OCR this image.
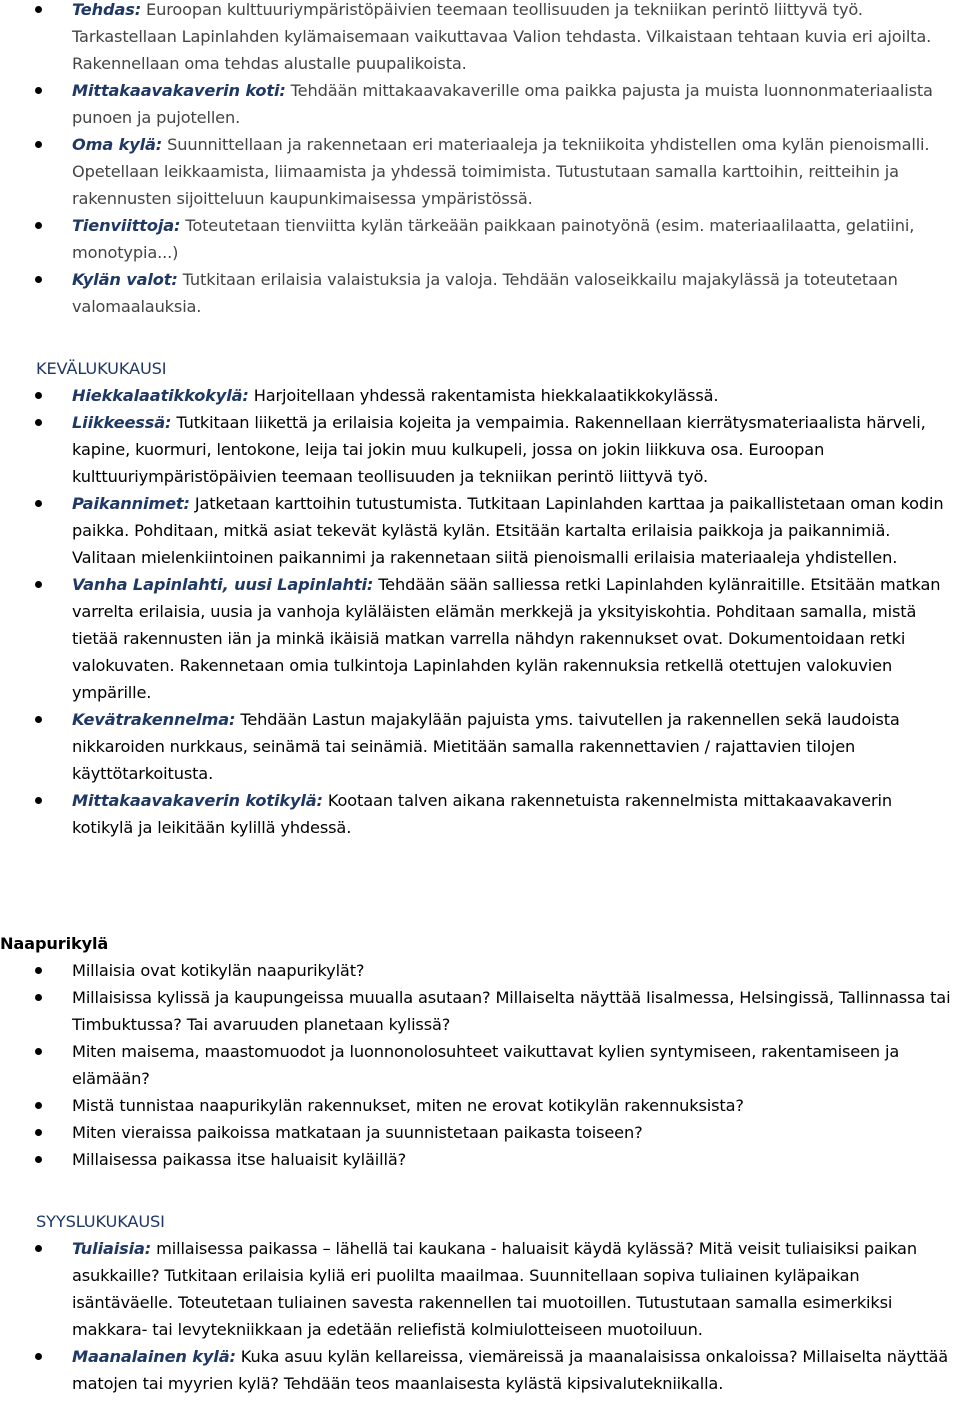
Tehdas: Euroopan kulttuuriympäristöpäivien teemaan teollisuuden ja tekniikan perintö liittyvä työ. Tarkastellaan Lapinlahden kylämaisemaan vaikuttavaa Valion tehdasta. Vilkaistaan tehtaan kuvia eri ajoilta. Rakennellaan oma tehdas alustalle puupalikoista.
Mittakaavakaverin koti: Tehdään mittakaavakaverille oma paikka pajusta ja muista luonnonmateriaalista punoen ja pujotellen.
Oma kylä: Suunnittellaan ja rakennetaan eri materiaaleja ja tekniikoita yhdistellen oma kylän pienoismalli. Opetellaan leikkaamista, liimaamista ja yhdessä toimimista. Tutustutaan samalla karttoihin, reitteihin ja rakennusten sijoitteluun kaupunkimaisessa ympäristössä.
Tienviittoja: Toteutetaan tienviitta kylän tärkeään paikkaan painotyönä (esim. materiaalilaatta, gelatiini, monotypia...)
Kylän valot: Tutkitaan erilaisia valaistuksia ja valoja. Tehdään valoseikkailu majakylässä ja toteutetaan valomaalauksia.
KEVÄLUKUKAUSI
Hiekkalaatikkokylä: Harjoitellaan yhdessä rakentamista hiekkalaatikkokylässä.
Liikkeessä: Tutkitaan liikettä ja erilaisia kojeita ja vempaimia. Rakennellaan kierrätysmateriaalista härveli, kapine, kuormuri, lentokone, leija tai jokin muu kulkupeli, jossa on jokin liikkuva osa. Euroopan kulttuuriympäristöpäivien teemaan teollisuuden ja tekniikan perintö liittyvä työ.
Paikannimet: Jatketaan karttoihin tutustumista. Tutkitaan Lapinlahden karttaa ja paikallistetaan oman kodin paikka. Pohditaan, mitkä asiat tekevät kylästä kylän. Etsitään kartalta erilaisia paikkoja ja paikannimiä. Valitaan mielenkiintoinen paikannimi ja rakennetaan siitä pienoismalli erilaisia materiaaleja yhdistellen.
Vanha Lapinlahti, uusi Lapinlahti: Tehdään sään salliessa retki Lapinlahden kylänraitille. Etsitään matkan varrelta erilaisia, uusia ja vanhoja kyläläisten elämän merkkejä ja yksityiskohtia. Pohditaan samalla, mistä tietää rakennusten iän ja minkä ikäisiä matkan varrella nähdyn rakennukset ovat. Dokumentoidaan retki valokuvaten. Rakennetaan omia tulkintoja Lapinlahden kylän rakennuksia retkellä otettujen valokuvien ympärille.
Kevätrakennelma: Tehdään Lastun majakylään pajuista yms. taivutellen ja rakennellen sekä laudoista nikkaroiden nurkkaus, seinämä tai seinämiä. Mietitään samalla rakennettavien / rajattavien tilojen käyttötarkoitusta.
Mittakaavakaverin kotikylä: Kootaan talven aikana rakennetuista rakennelmista mittakaavakaverin kotikylä ja leikitään kylillä yhdessä.
Naapurikylä
Millaisia ovat kotikylän naapurikylät?
Millaisissa kylissä ja kaupungeissa muualla asutaan? Millaiselta näyttää Iisalmessa, Helsingissä, Tallinnassa tai Timbuktussa? Tai avaruuden planetaan kylissä?
Miten maisema, maastomuodot ja luonnonolosuhteet vaikuttavat kylien syntymiseen, rakentamiseen ja elämään?
Mistä tunnistaa naapurikylän rakennukset, miten ne erovat kotikylän rakennuksista?
Miten vieraissa paikoissa matkataan ja suunnistetaan paikasta toiseen?
Millaisessa paikassa itse haluaisit kyläillä?
SYYSLUKUKAUSI
Tuliaisia: millaisessa paikassa – lähellä tai kaukana - haluaisit käydä kylässä? Mitä veisit tuliaisiksi paikan asukkaille? Tutkitaan erilaisia kyliä eri puolilta maailmaa. Suunnitellaan sopiva tuliainen kyläpaikan isäntäväelle. Toteutetaan tuliainen savesta rakennellen tai muotoillen. Tutustutaan samalla esimerkiksi makkara- tai levytekniikkaan ja edetään reliefistä kolmiulotteiseen muotoiluun.
Maanalainen kylä: Kuka asuu kylän kellareissa, viemäreissä ja maanalaisissa onkaloissa? Millaiselta näyttää matojen tai myyrien kylä? Tehdään teos maanlaisesta kylästä kipsivalutekniikalla.
